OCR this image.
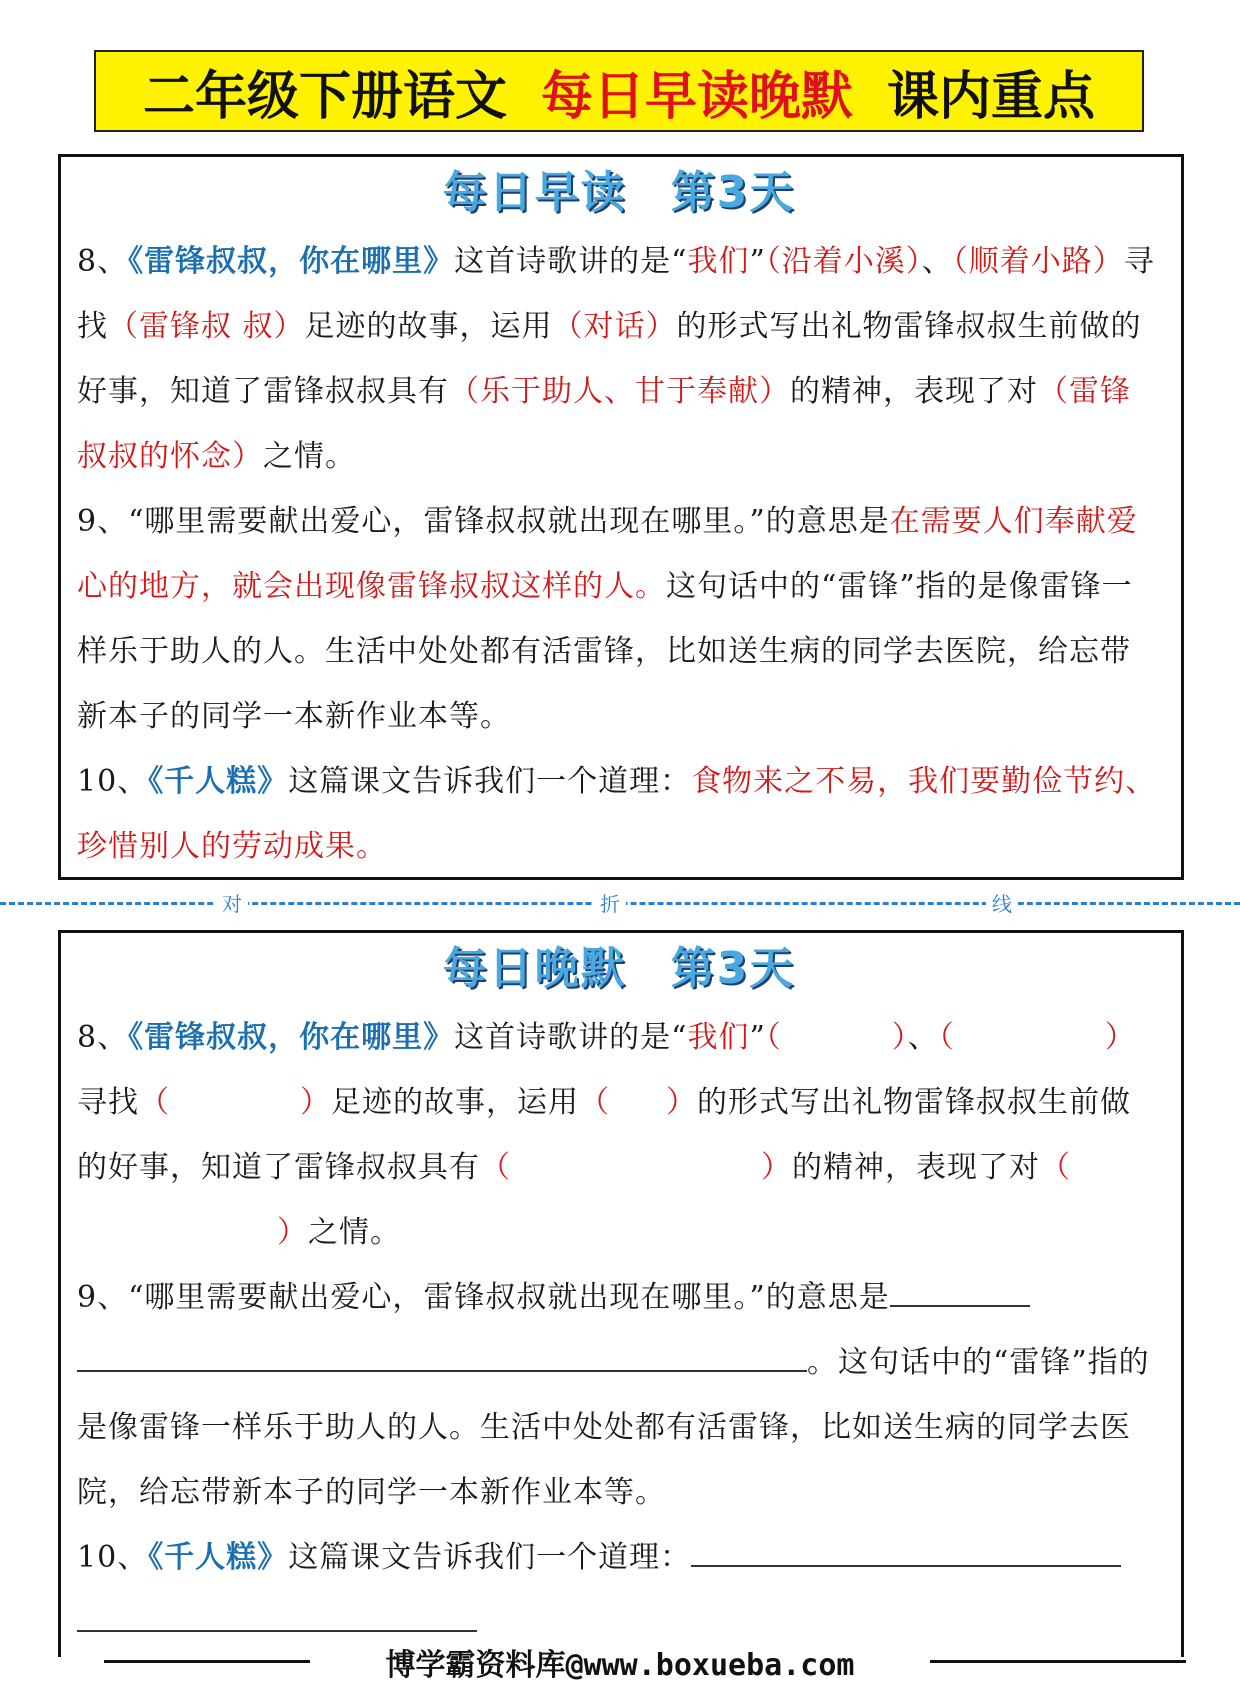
二年级下册语文 每日早读晚默 课内重点
每日早读 第3天

8、《雷锋叔叔，你在哪里》这首诗歌讲的是“我们”（沿着小溪）、（顺着小路）寻找（雷锋叔 叔）足迹的故事，运用（对话）的形式写出礼物雷锋叔叔生前做的好事，知道了雷锋叔叔具有（乐于助人、甘于奉献）的精神，表现了对（雷锋叔叔的怀念）之情。

9、“哪里需要献出爱心，雷锋叔叔就出现在哪里。”的意思是在需要人们奉献爱心的地方，就会出现像雷锋叔叔这样的人。这句话中的“雷锋”指的是像雷锋一样乐于助人的人。生活中处处都有活雷锋，比如送生病的同学去医院，给忘带新本子的同学一本新作业本等。

10、《千人糕》这篇课文告诉我们一个道理：食物来之不易，我们要勤俭节约、珍惜别人的劳动成果。

对	折	线
每日晚默 第3天

8、《雷锋叔叔，你在哪里》这首诗歌讲的是“我们”（	）、（	）寻找（	）足迹的故事，运用（ ）的形式写出礼物雷锋叔叔生前做的好事，知道了雷锋叔叔具有（	）的精神，表现了对（）之情。

9、“哪里需要献出爱心，雷锋叔叔就出现在哪里。”的意思是
。这句话中的“雷锋”指的是像雷锋一样乐于助人的人。生活中处处都有活雷锋，比如送生病的同学去医院，给忘带新本子的同学一本新作业本等。

10、《千人糕》这篇课文告诉我们一个道理：

博学霸资料库@www.boxueba.com
